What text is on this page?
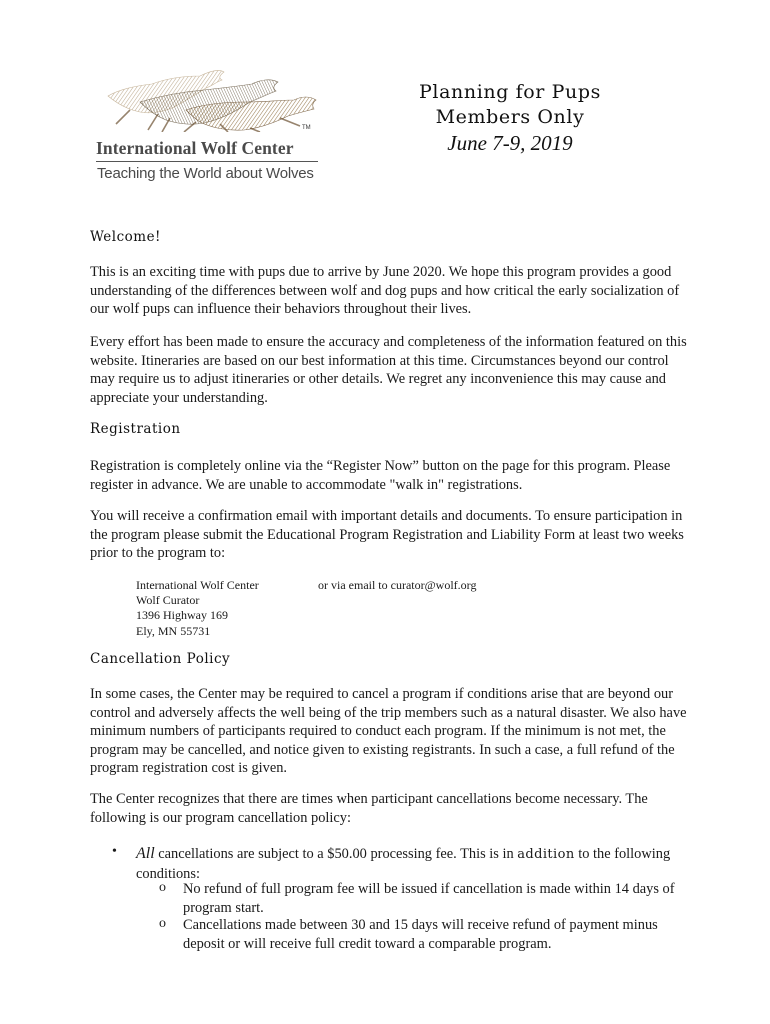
TM
International Wolf Center
Teaching the World about Wolves
Planning for Pups
Members Only
June 7-9, 2019
Welcome!

This is an exciting time with pups due to arrive by June 2020. We hope this program provides a good understanding of the differences between wolf and dog pups and how critical the early socialization of our wolf pups can influence their behaviors throughout their lives.

Every effort has been made to ensure the accuracy and completeness of the information featured on this website. Itineraries are based on our best information at this time. Circumstances beyond our control may require us to adjust itineraries or other details. We regret any inconvenience this may cause and appreciate your understanding.

Registration

Registration is completely online via the “Register Now” button on the page for this program. Please register in advance. We are unable to accommodate "walk in" registrations.

You will receive a confirmation email with important details and documents. To ensure participation in the program please submit the Educational Program Registration and Liability Form at least two weeks prior to the program to:

International Wolf Center
Wolf Curator
1396 Highway 169
Ely, MN 55731
or via email to curator@wolf.org
Cancellation Policy

In some cases, the Center may be required to cancel a program if conditions arise that are beyond our control and adversely affects the well being of the trip members such as a natural disaster. We also have minimum numbers of participants required to conduct each program. If the minimum is not met, the program may be cancelled, and notice given to existing registrants. In such a case, a full refund of the program registration cost is given.

The Center recognizes that there are times when participant cancellations become necessary. The following is our program cancellation policy:

• All cancellations are subject to a $50.00 processing fee. This is in addition to the following conditions:
o No refund of full program fee will be issued if cancellation is made within 14 days of program start.
o Cancellations made between 30 and 15 days will receive refund of payment minus deposit or will receive full credit toward a comparable program.
